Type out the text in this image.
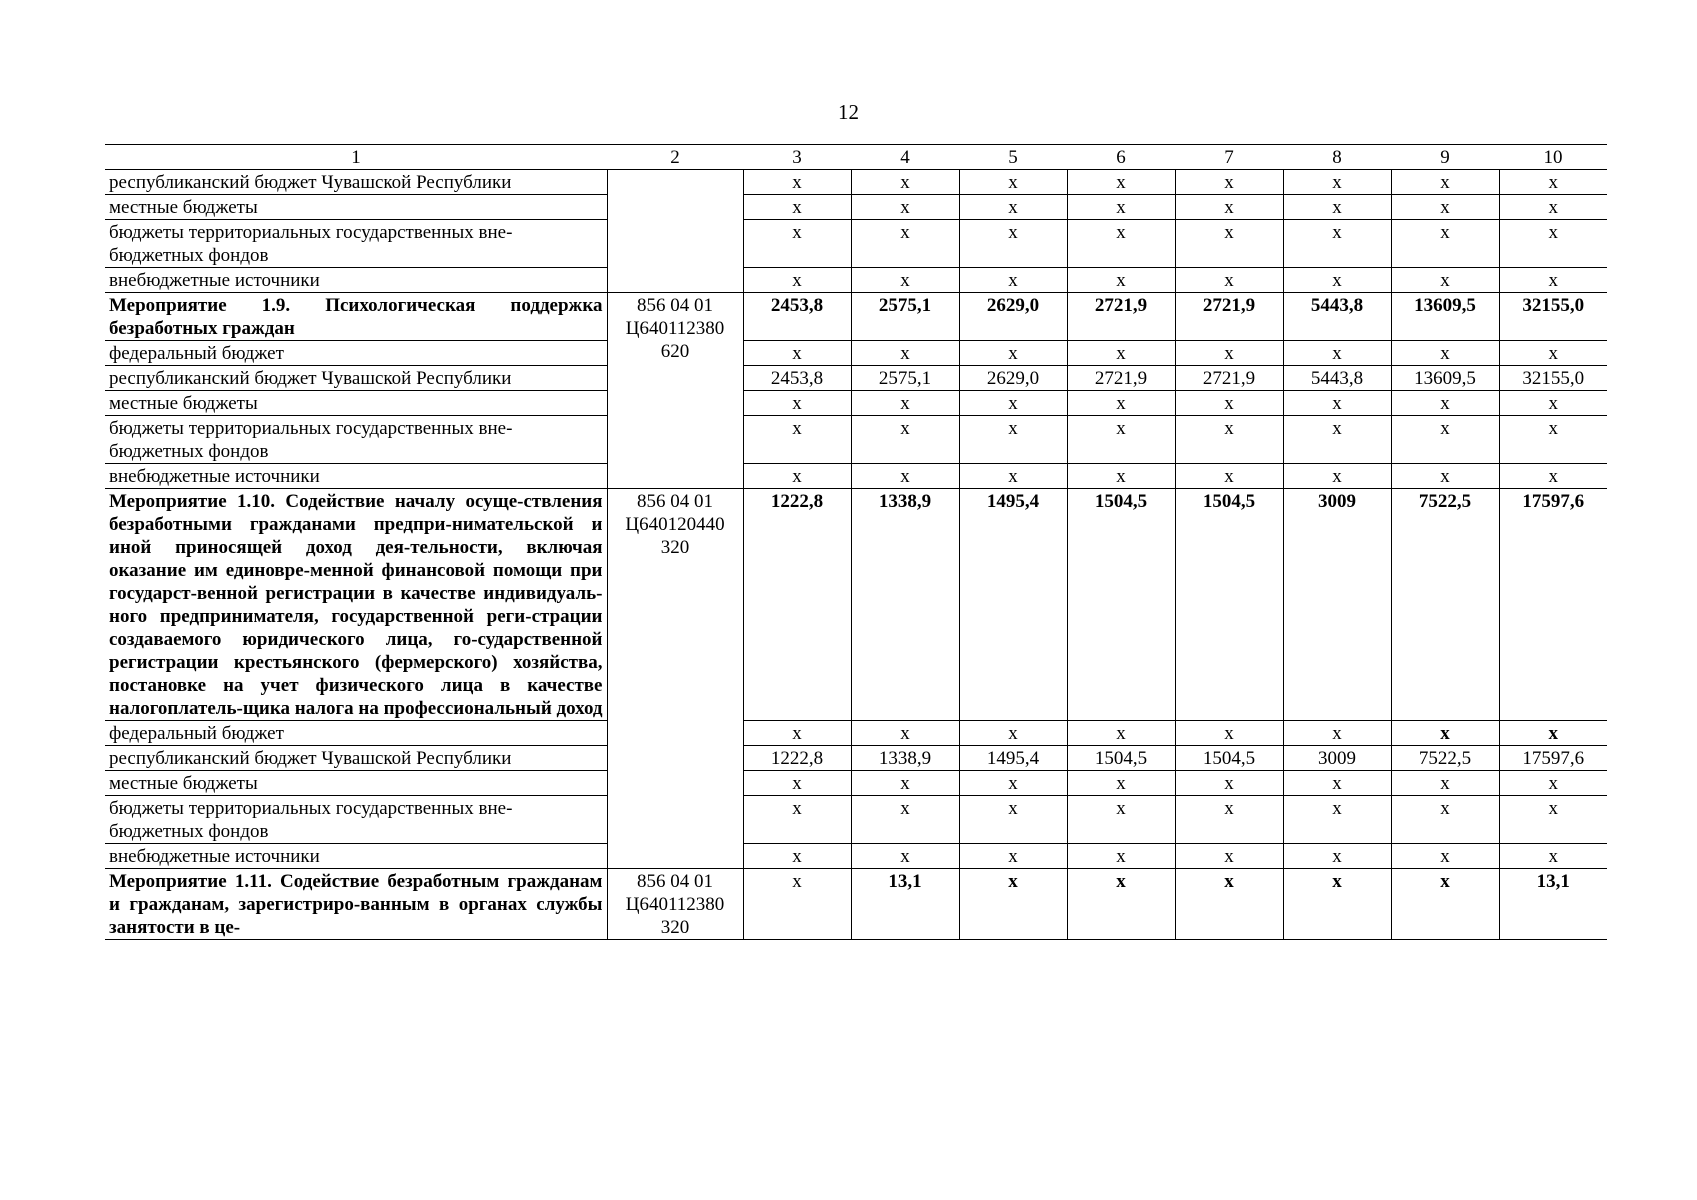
12
1	2	3	4	5	6	7	8	9	10
республиканский бюджет Чувашской Республики		x	x	x	x	x	x	x	x
местные бюджеты		x	x	x	x	x	x	x	x
бюджеты территориальных государственных вне-бюджетных фондов		x	x	x	x	x	x	x	x
внебюджетные источники		x	x	x	x	x	x	x	x
Мероприятие 1.9. Психологическая поддержка безработных граждан	856 04 01 Ц640112380 620	2453,8	2575,1	2629,0	2721,9	2721,9	5443,8	13609,5	32155,0
федеральный бюджет		x	x	x	x	x	x	x	x
республиканский бюджет Чувашской Республики		2453,8	2575,1	2629,0	2721,9	2721,9	5443,8	13609,5	32155,0
местные бюджеты		x	x	x	x	x	x	x	x
бюджеты территориальных государственных вне-бюджетных фондов		x	x	x	x	x	x	x	x
внебюджетные источники		x	x	x	x	x	x	x	x
Мероприятие 1.10. Содействие началу осуще-ствления безработными гражданами предпри-нимательской и иной приносящей доход дея-тельности, включая оказание им единовре-менной финансовой помощи при государст-венной регистрации в качестве индивидуаль-ного предпринимателя, государственной реги-страции создаваемого юридического лица, го-сударственной регистрации крестьянского (фермерского) хозяйства, постановке на учет физического лица в качестве налогоплатель-щика налога на профессиональный доход	856 04 01 Ц640120440 320	1222,8	1338,9	1495,4	1504,5	1504,5	3009	7522,5	17597,6
федеральный бюджет		x	x	x	x	x	x	x	x
республиканский бюджет Чувашской Республики		1222,8	1338,9	1495,4	1504,5	1504,5	3009	7522,5	17597,6
местные бюджеты		x	x	x	x	x	x	x	x
бюджеты территориальных государственных вне-бюджетных фондов		x	x	x	x	x	x	x	x
внебюджетные источники		x	x	x	x	x	x	x	x
Мероприятие 1.11. Содействие безработным гражданам и гражданам, зарегистриро-ванным в органах службы занятости в це-	856 04 01 Ц640112380 320	x	13,1	x	x	x	x	x	13,1
